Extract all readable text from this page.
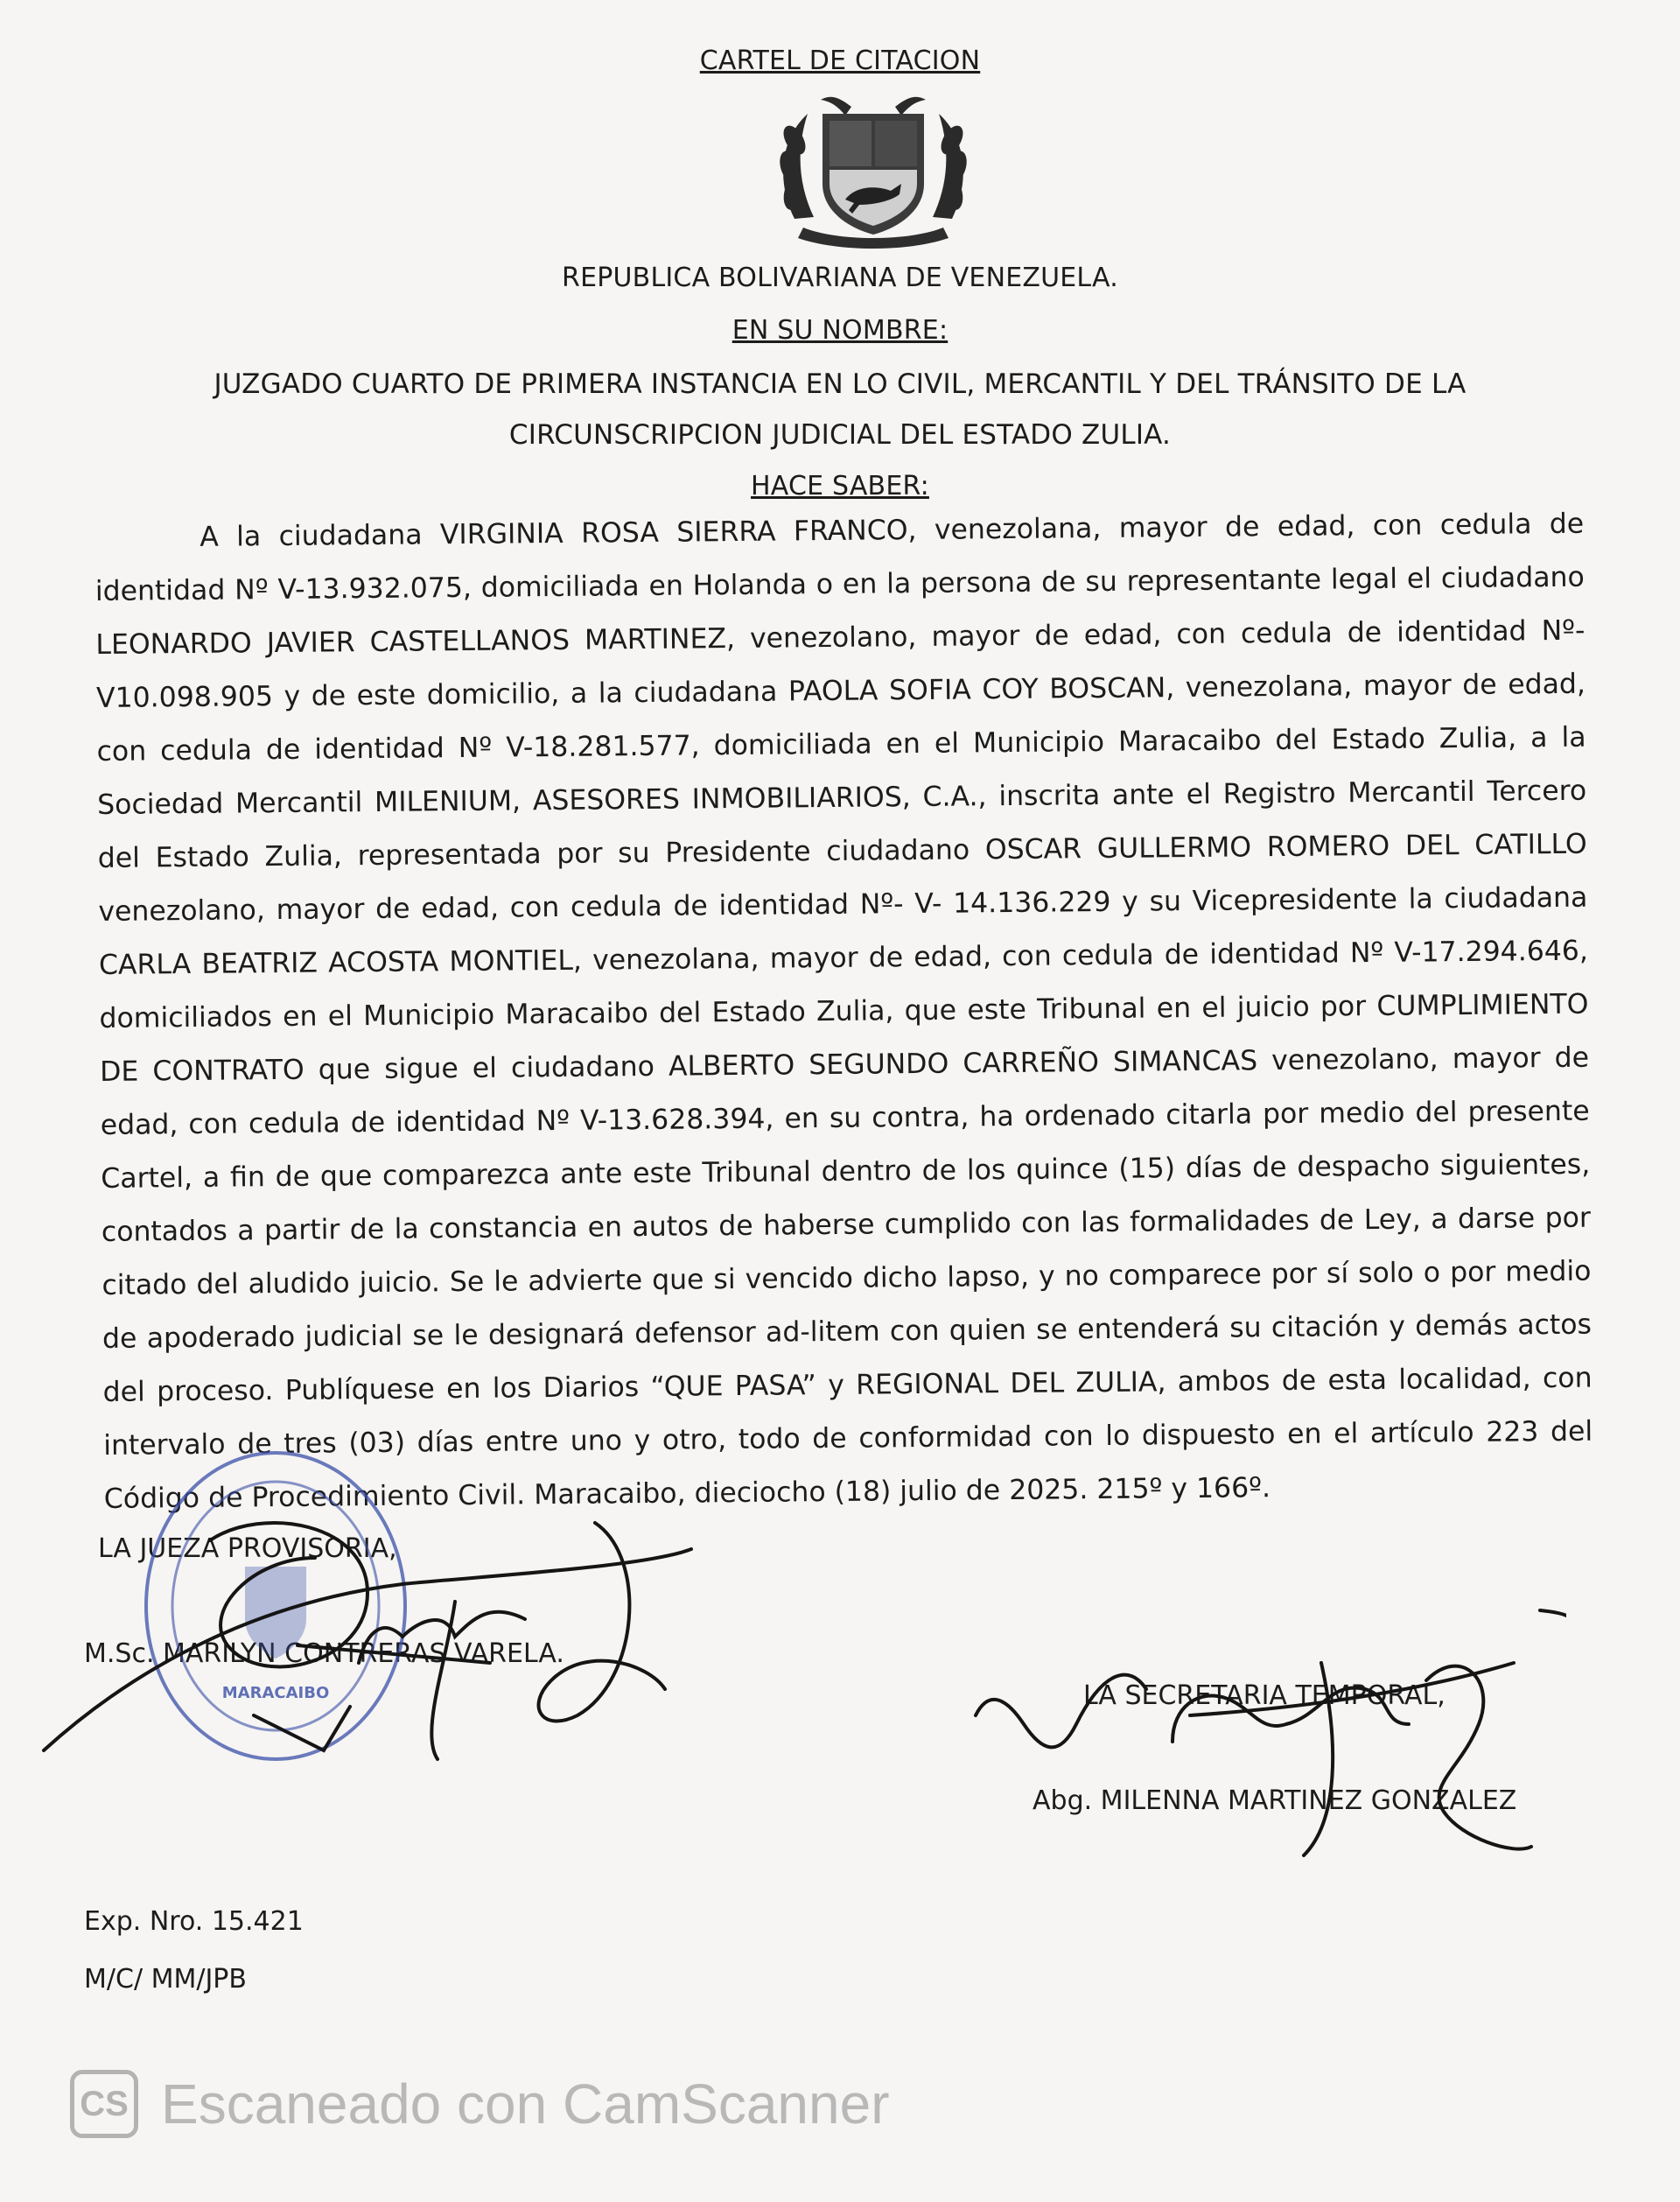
CARTEL DE CITACION
REPUBLICA BOLIVARIANA DE VENEZUELA.
EN SU NOMBRE:
JUZGADO CUARTO DE PRIMERA INSTANCIA EN LO CIVIL, MERCANTIL Y DEL TRÁNSITO DE LA
CIRCUNSCRIPCION JUDICIAL DEL ESTADO ZULIA.
HACE SABER:
A la ciudadana VIRGINIA ROSA SIERRA FRANCO, venezolana, mayor de edad, con cedula de identidad Nº V-13.932.075, domiciliada en Holanda o en la persona de su representante legal el ciudadano LEONARDO JAVIER CASTELLANOS MARTINEZ, venezolano, mayor de edad, con cedula de identidad Nº- V10.098.905 y de este domicilio, a la ciudadana PAOLA SOFIA COY BOSCAN, venezolana, mayor de edad, con cedula de identidad Nº V-18.281.577, domiciliada en el Municipio Maracaibo del Estado Zulia, a la Sociedad Mercantil MILENIUM, ASESORES INMOBILIARIOS, C.A., inscrita ante el Registro Mercantil Tercero del Estado Zulia, representada por su Presidente ciudadano OSCAR GULLERMO ROMERO DEL CATILLO venezolano, mayor de edad, con cedula de identidad Nº- V- 14.136.229 y su Vicepresidente la ciudadana CARLA BEATRIZ ACOSTA MONTIEL, venezolana, mayor de edad, con cedula de identidad Nº V-17.294.646, domiciliados en el Municipio Maracaibo del Estado Zulia, que este Tribunal en el juicio por CUMPLIMIENTO DE CONTRATO que sigue el ciudadano ALBERTO SEGUNDO CARREÑO SIMANCAS venezolano, mayor de edad, con cedula de identidad Nº V-13.628.394, en su contra, ha ordenado citarla por medio del presente Cartel, a fin de que comparezca ante este Tribunal dentro de los quince (15) días de despacho siguientes, contados a partir de la constancia en autos de haberse cumplido con las formalidades de Ley, a darse por citado del aludido juicio. Se le advierte que si vencido dicho lapso, y no comparece por sí solo o por medio de apoderado judicial se le designará defensor ad-litem con quien se entenderá su citación y demás actos del proceso. Publíquese en los Diarios “QUE PASA” y REGIONAL DEL ZULIA, ambos de esta localidad, con intervalo de tres (03) días entre uno y otro, todo de conformidad con lo dispuesto en el artículo 223 del Código de Procedimiento Civil. Maracaibo, dieciocho (18) julio de 2025. 215º y 166º.
LA JUEZA PROVISORIA,
M.Sc. MARILYN CONTRERAS VARELA.
MARACAIBO	LA SECRETARIA TEMPORAL,
Abg. MILENNA MARTINEZ GONZALEZ
Exp. Nro. 15.421
M/C/ MM/JPB
CS Escaneado con CamScanner
